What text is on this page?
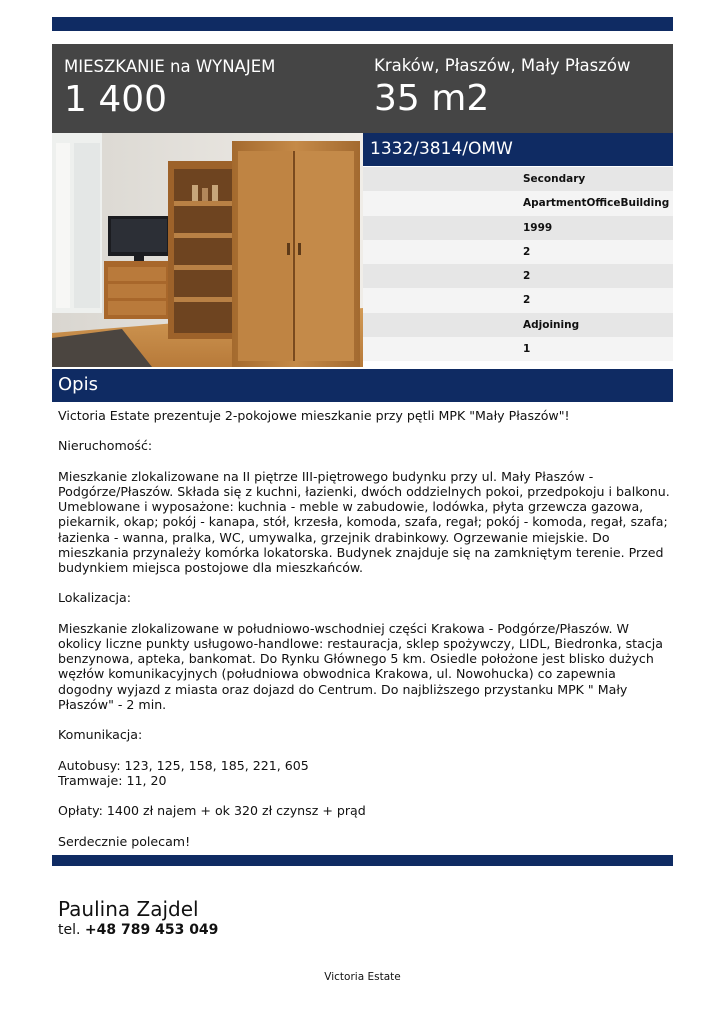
MIESZKANIE na WYNAJEM
1 400
Kraków, Płaszów, Mały Płaszów
35 m2
1332/3814/OMW
Secondary
ApartmentOfficeBuilding
1999
2
2
2
Adjoining
1
Opis

Victoria Estate prezentuje 2-pokojowe mieszkanie przy pętli MPK "Mały Płaszów"!

Nieruchomość:

Mieszkanie zlokalizowane na II piętrze III-piętrowego budynku przy ul. Mały Płaszów - Podgórze/Płaszów. Składa się z kuchni, łazienki, dwóch oddzielnych pokoi, przedpokoju i balkonu. Umeblowane i wyposażone: kuchnia - meble w zabudowie, lodówka, płyta grzewcza gazowa, piekarnik, okap; pokój - kanapa, stół, krzesła, komoda, szafa, regał; pokój - komoda, regał, szafa; łazienka - wanna, pralka, WC, umywalka, grzejnik drabinkowy. Ogrzewanie miejskie. Do mieszkania przynależy komórka lokatorska. Budynek znajduje się na zamkniętym terenie. Przed budynkiem miejsca postojowe dla mieszkańców.

Lokalizacja:

Mieszkanie zlokalizowane w południowo-wschodniej części Krakowa - Podgórze/Płaszów. W okolicy liczne punkty usługowo-handlowe: restauracja, sklep spożywczy, LIDL, Biedronka, stacja benzynowa, apteka, bankomat. Do Rynku Głównego 5 km. Osiedle położone jest blisko dużych węzłów komunikacyjnych (południowa obwodnica Krakowa, ul. Nowohucka) co zapewnia dogodny wyjazd z miasta oraz dojazd do Centrum. Do najbliższego przystanku MPK " Mały Płaszów" - 2 min.

Komunikacja:

Autobusy: 123, 125, 158, 185, 221, 605

Tramwaje: 11, 20

Opłaty: 1400 zł najem + ok 320 zł czynsz + prąd

Serdecznie polecam!

Paulina Zajdel
tel. +48 789 453 049
Victoria Estate
